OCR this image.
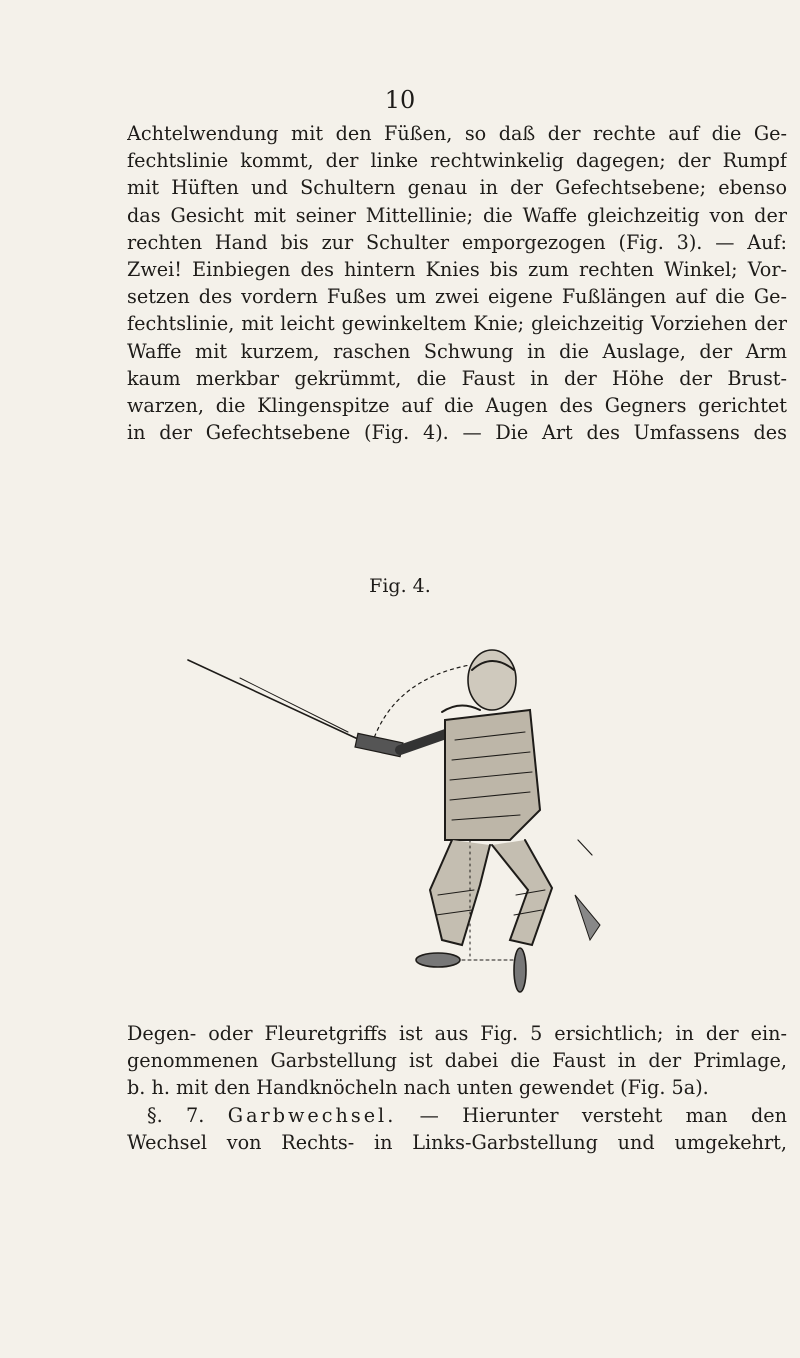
10
Achtelwendung mit den Füßen, so daß der rechte auf die Ge-
fechtslinie kommt, der linke rechtwinkelig dagegen; der Rumpf
mit Hüften und Schultern genau in der Gefechtsebene; ebenso
das Gesicht mit seiner Mittellinie; die Waffe gleichzeitig von der
rechten Hand bis zur Schulter emporgezogen (Fig. 3). — Auf:
Zwei! Einbiegen des hintern Knies bis zum rechten Winkel; Vor-
setzen des vordern Fußes um zwei eigene Fußlängen auf die Ge-
fechtslinie, mit leicht gewinkeltem Knie; gleichzeitig Vorziehen der
Waffe mit kurzem, raschen Schwung in die Auslage, der Arm
kaum merkbar gekrümmt, die Faust in der Höhe der Brust-
warzen, die Klingenspitze auf die Augen des Gegners gerichtet
in der Gefechtsebene (Fig. 4). — Die Art des Umfassens des
Fig. 4.
Degen- oder Fleuretgriffs ist aus Fig. 5 ersichtlich; in der ein-
genommenen Garbstellung ist dabei die Faust in der Primlage,
b. h. mit den Handknöcheln nach unten gewendet (Fig. 5a).
§. 7. Garbwechsel. — Hierunter versteht man den
Wechsel von Rechts- in Links-Garbstellung und umgekehrt,
